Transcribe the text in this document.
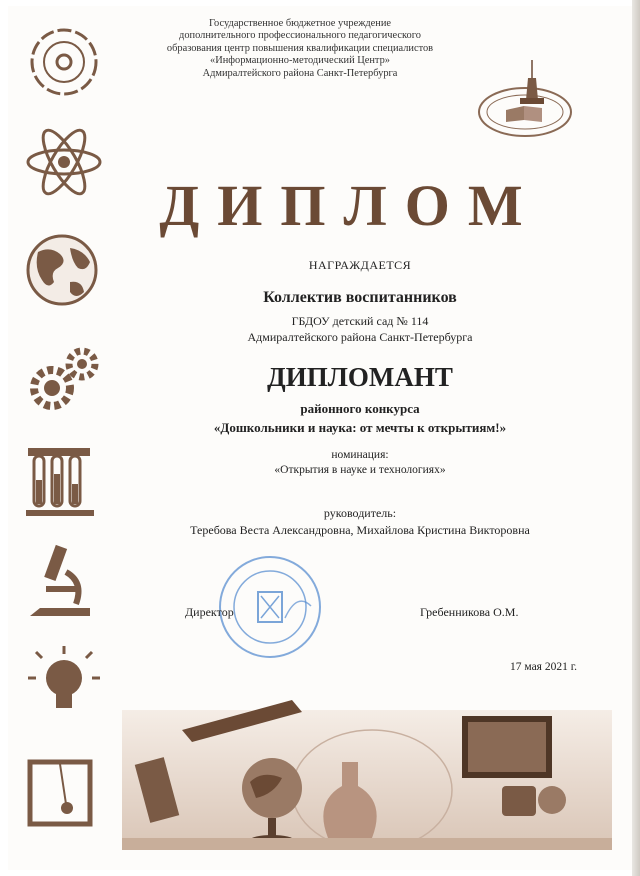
Государственное бюджетное учреждение
дополнительного профессионального педагогического
образования центр повышения квалификации специалистов
«Информационно-методический Центр»
Адмиралтейского района Санкт-Петербурга
ДИПЛОМ
НАГРАЖДАЕТСЯ
Коллектив воспитанников
ГБДОУ детский сад № 114
Адмиралтейского района Санкт-Петербурга
ДИПЛОМАНТ
районного конкурса
«Дошкольники и наука: от мечты к открытиям!»
номинация:
«Открытия в науке и технологиях»
руководитель:
Теребова Веста Александровна, Михайлова Кристина Викторовна
Директор	Гребенникова О.М.
17 мая 2021 г.
